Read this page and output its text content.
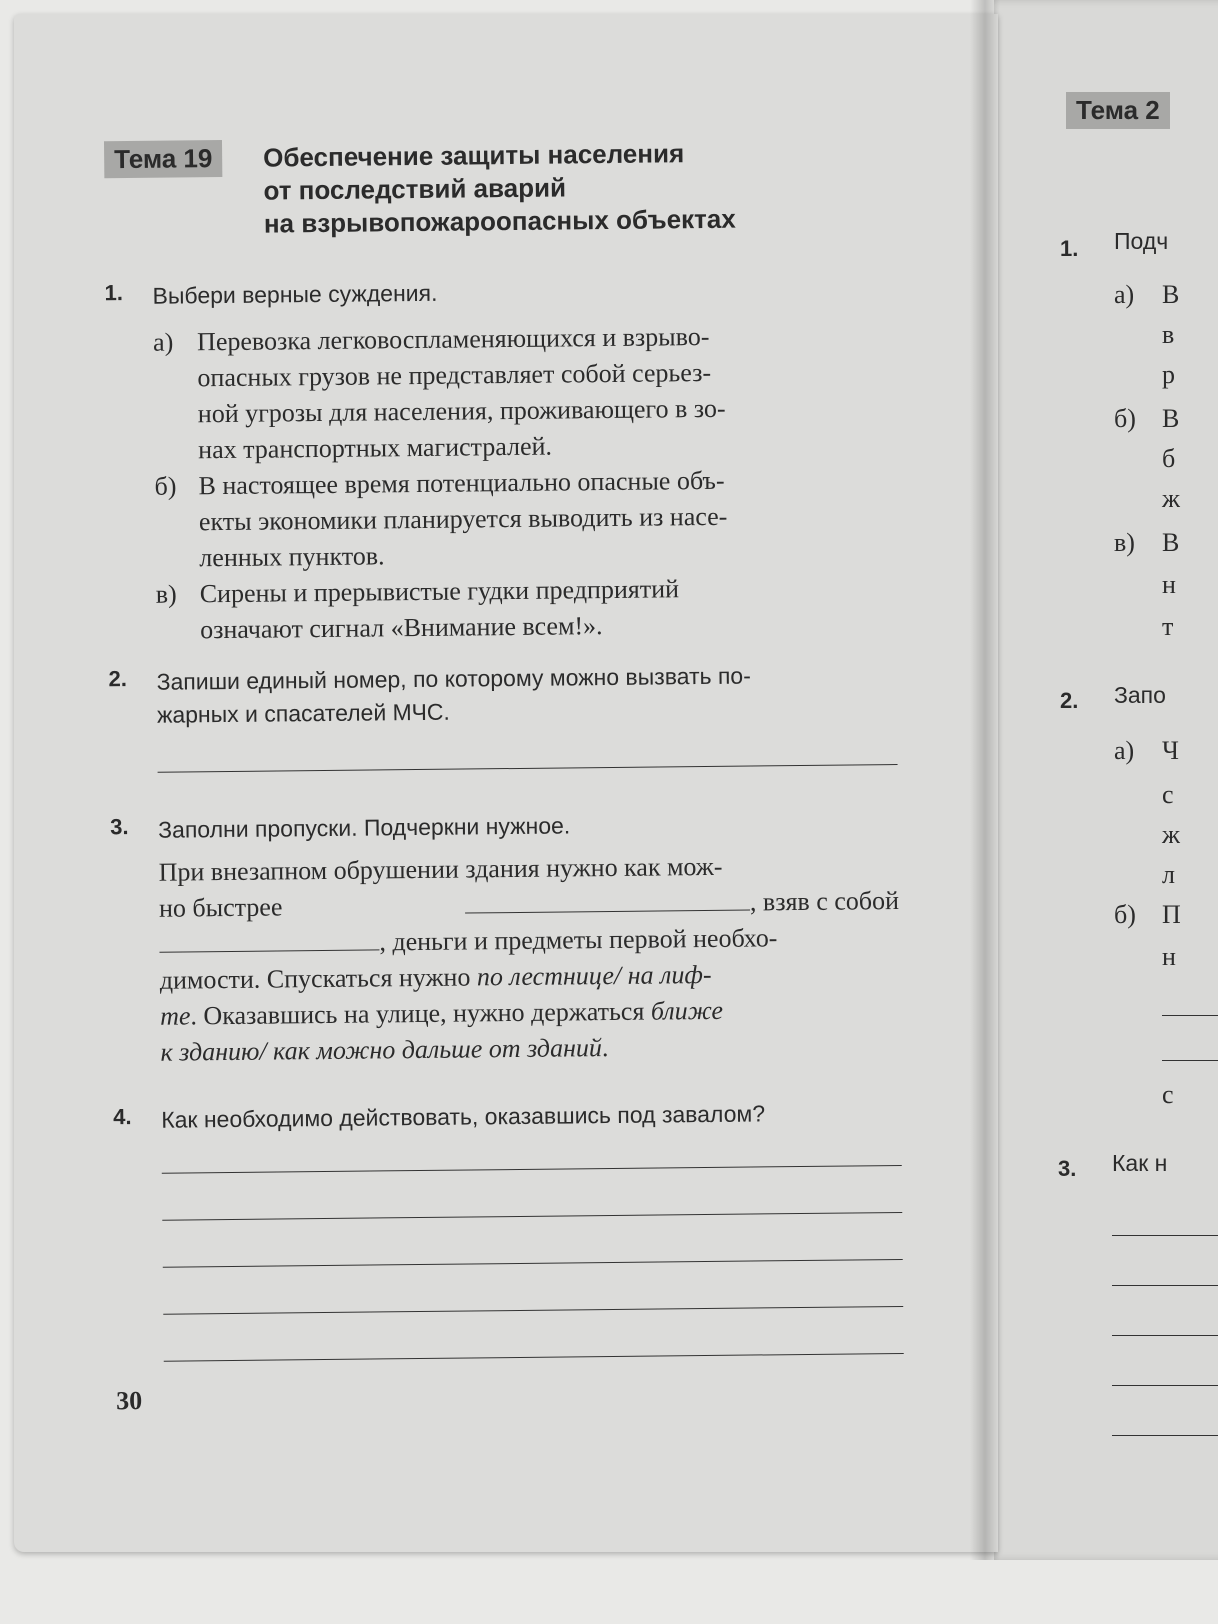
Тема 2
1. Подч
а) В
в
р
б) В
б
ж
в) В
н
т
2. Запо
а) Ч
с
ж
л
б) П
н
с
3. Как н
Тема 19	Обеспечение защиты населения
от последствий аварий
на взрывопожароопасных объектах
1. Выбери верные суждения.
а) Перевозка легковоспламеняющихся и взрыво-
опасных грузов не представляет собой серьез-
ной угрозы для населения, проживающего в зо-
нах транспортных магистралей.
б) В настоящее время потенциально опасные объ-
екты экономики планируется выводить из насе-
ленных пунктов.
в) Сирены и прерывистые гудки предприятий
означают сигнал «Внимание всем!».
2. Запиши единый номер, по которому можно вызвать по-
жарных и спасателей МЧС.
3. Заполни пропуски. Подчеркни нужное.
При внезапном обрушении здания нужно как мож-
но быстрее	, взяв с собой
, деньги и предметы первой необхо-
димости. Спускаться нужно по лестнице/ на лиф-
те. Оказавшись на улице, нужно держаться ближе
к зданию/ как можно дальше от зданий.
4. Как необходимо действовать, оказавшись под завалом?
30
